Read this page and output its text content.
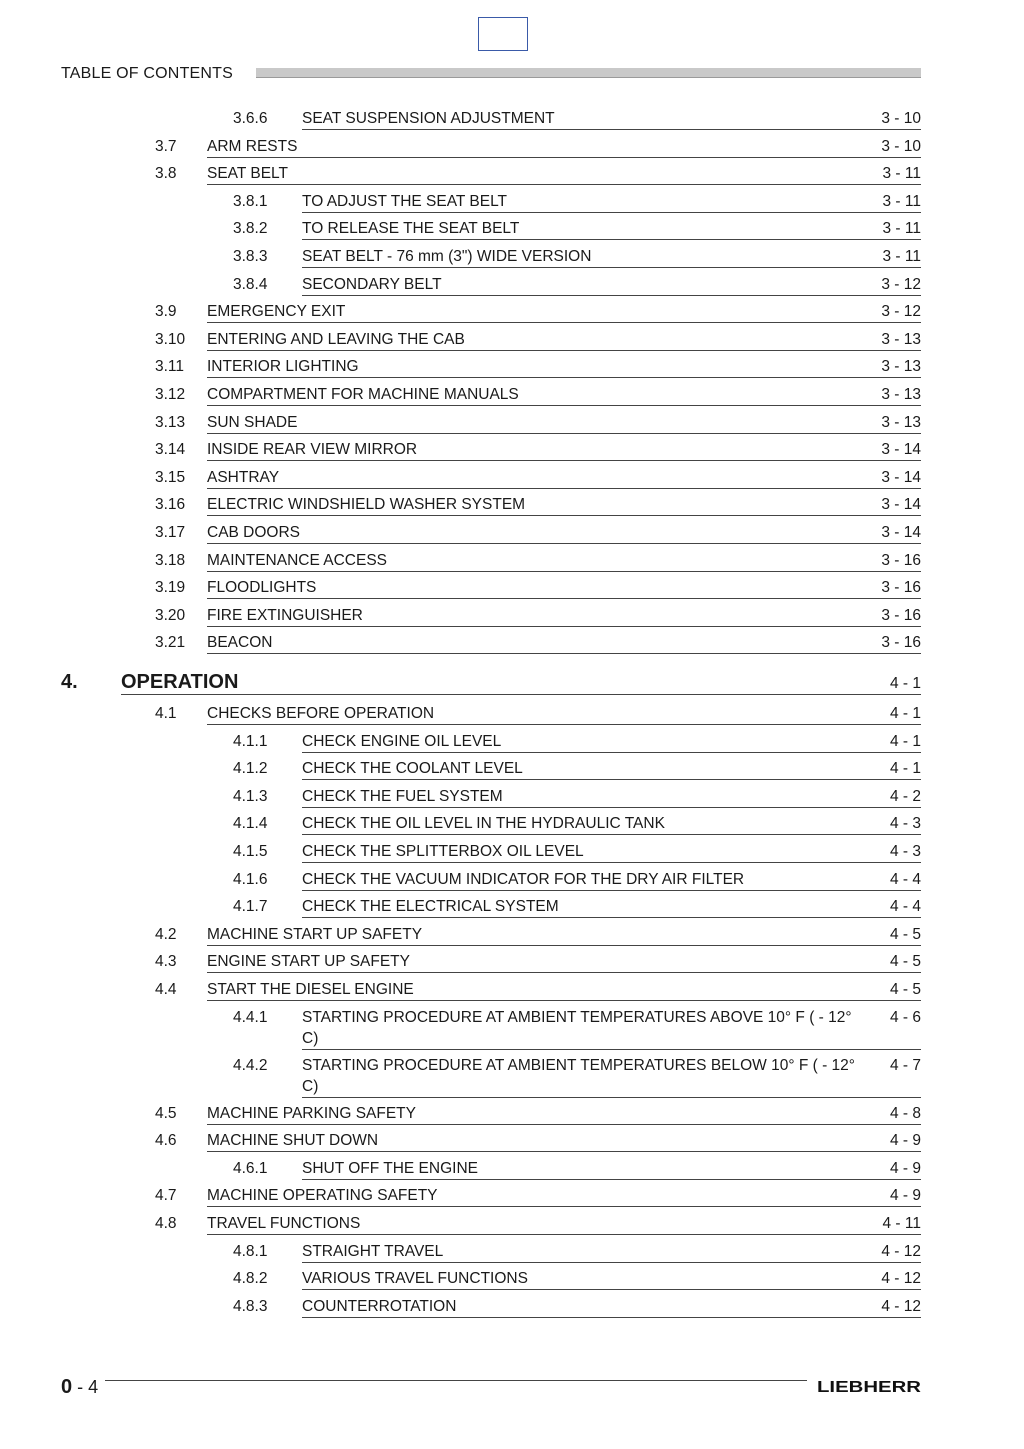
TABLE OF CONTENTS
3.6.6 SEAT SUSPENSION ADJUSTMENT	3 - 10
3.7 ARM RESTS	3 - 10
3.8 SEAT BELT	3 - 11
3.8.1 TO ADJUST THE SEAT BELT	3 - 11
3.8.2 TO RELEASE THE SEAT BELT	3 - 11
3.8.3 SEAT BELT - 76 mm (3") WIDE VERSION	3 - 11
3.8.4 SECONDARY BELT	3 - 12
3.9 EMERGENCY EXIT	3 - 12
3.10 ENTERING AND LEAVING THE CAB	3 - 13
3.11 INTERIOR LIGHTING	3 - 13
3.12 COMPARTMENT FOR MACHINE MANUALS	3 - 13
3.13 SUN SHADE	3 - 13
3.14 INSIDE REAR VIEW MIRROR	3 - 14
3.15 ASHTRAY	3 - 14
3.16 ELECTRIC WINDSHIELD WASHER SYSTEM	3 - 14
3.17 CAB DOORS	3 - 14
3.18 MAINTENANCE ACCESS	3 - 16
3.19 FLOODLIGHTS	3 - 16
3.20 FIRE EXTINGUISHER	3 - 16
3.21 BEACON	3 - 16
4. OPERATION	4 - 1
4.1 CHECKS BEFORE OPERATION	4 - 1
4.1.1 CHECK ENGINE OIL LEVEL	4 - 1
4.1.2 CHECK THE COOLANT LEVEL	4 - 1
4.1.3 CHECK THE FUEL SYSTEM	4 - 2
4.1.4 CHECK THE OIL LEVEL IN THE HYDRAULIC TANK	4 - 3
4.1.5 CHECK THE SPLITTERBOX OIL LEVEL	4 - 3
4.1.6 CHECK THE VACUUM INDICATOR FOR THE DRY AIR FILTER	4 - 4
4.1.7 CHECK THE ELECTRICAL SYSTEM	4 - 4
4.2 MACHINE START UP SAFETY	4 - 5
4.3 ENGINE START UP SAFETY	4 - 5
4.4 START THE DIESEL ENGINE	4 - 5
4.4.1 STARTING PROCEDURE AT AMBIENT TEMPERATURES ABOVE 10° F ( - 12° C)
4 - 6
4.4.2 STARTING PROCEDURE AT AMBIENT TEMPERATURES BELOW 10° F ( - 12° C)
4 - 7
4.5 MACHINE PARKING SAFETY	4 - 8
4.6 MACHINE SHUT DOWN	4 - 9
4.6.1 SHUT OFF THE ENGINE	4 - 9
4.7 MACHINE OPERATING SAFETY	4 - 9
4.8 TRAVEL FUNCTIONS	4 - 11
4.8.1 STRAIGHT TRAVEL	4 - 12
4.8.2 VARIOUS TRAVEL FUNCTIONS	4 - 12
4.8.3 COUNTERROTATION	4 - 12
0 - 4	LIEBHERR
